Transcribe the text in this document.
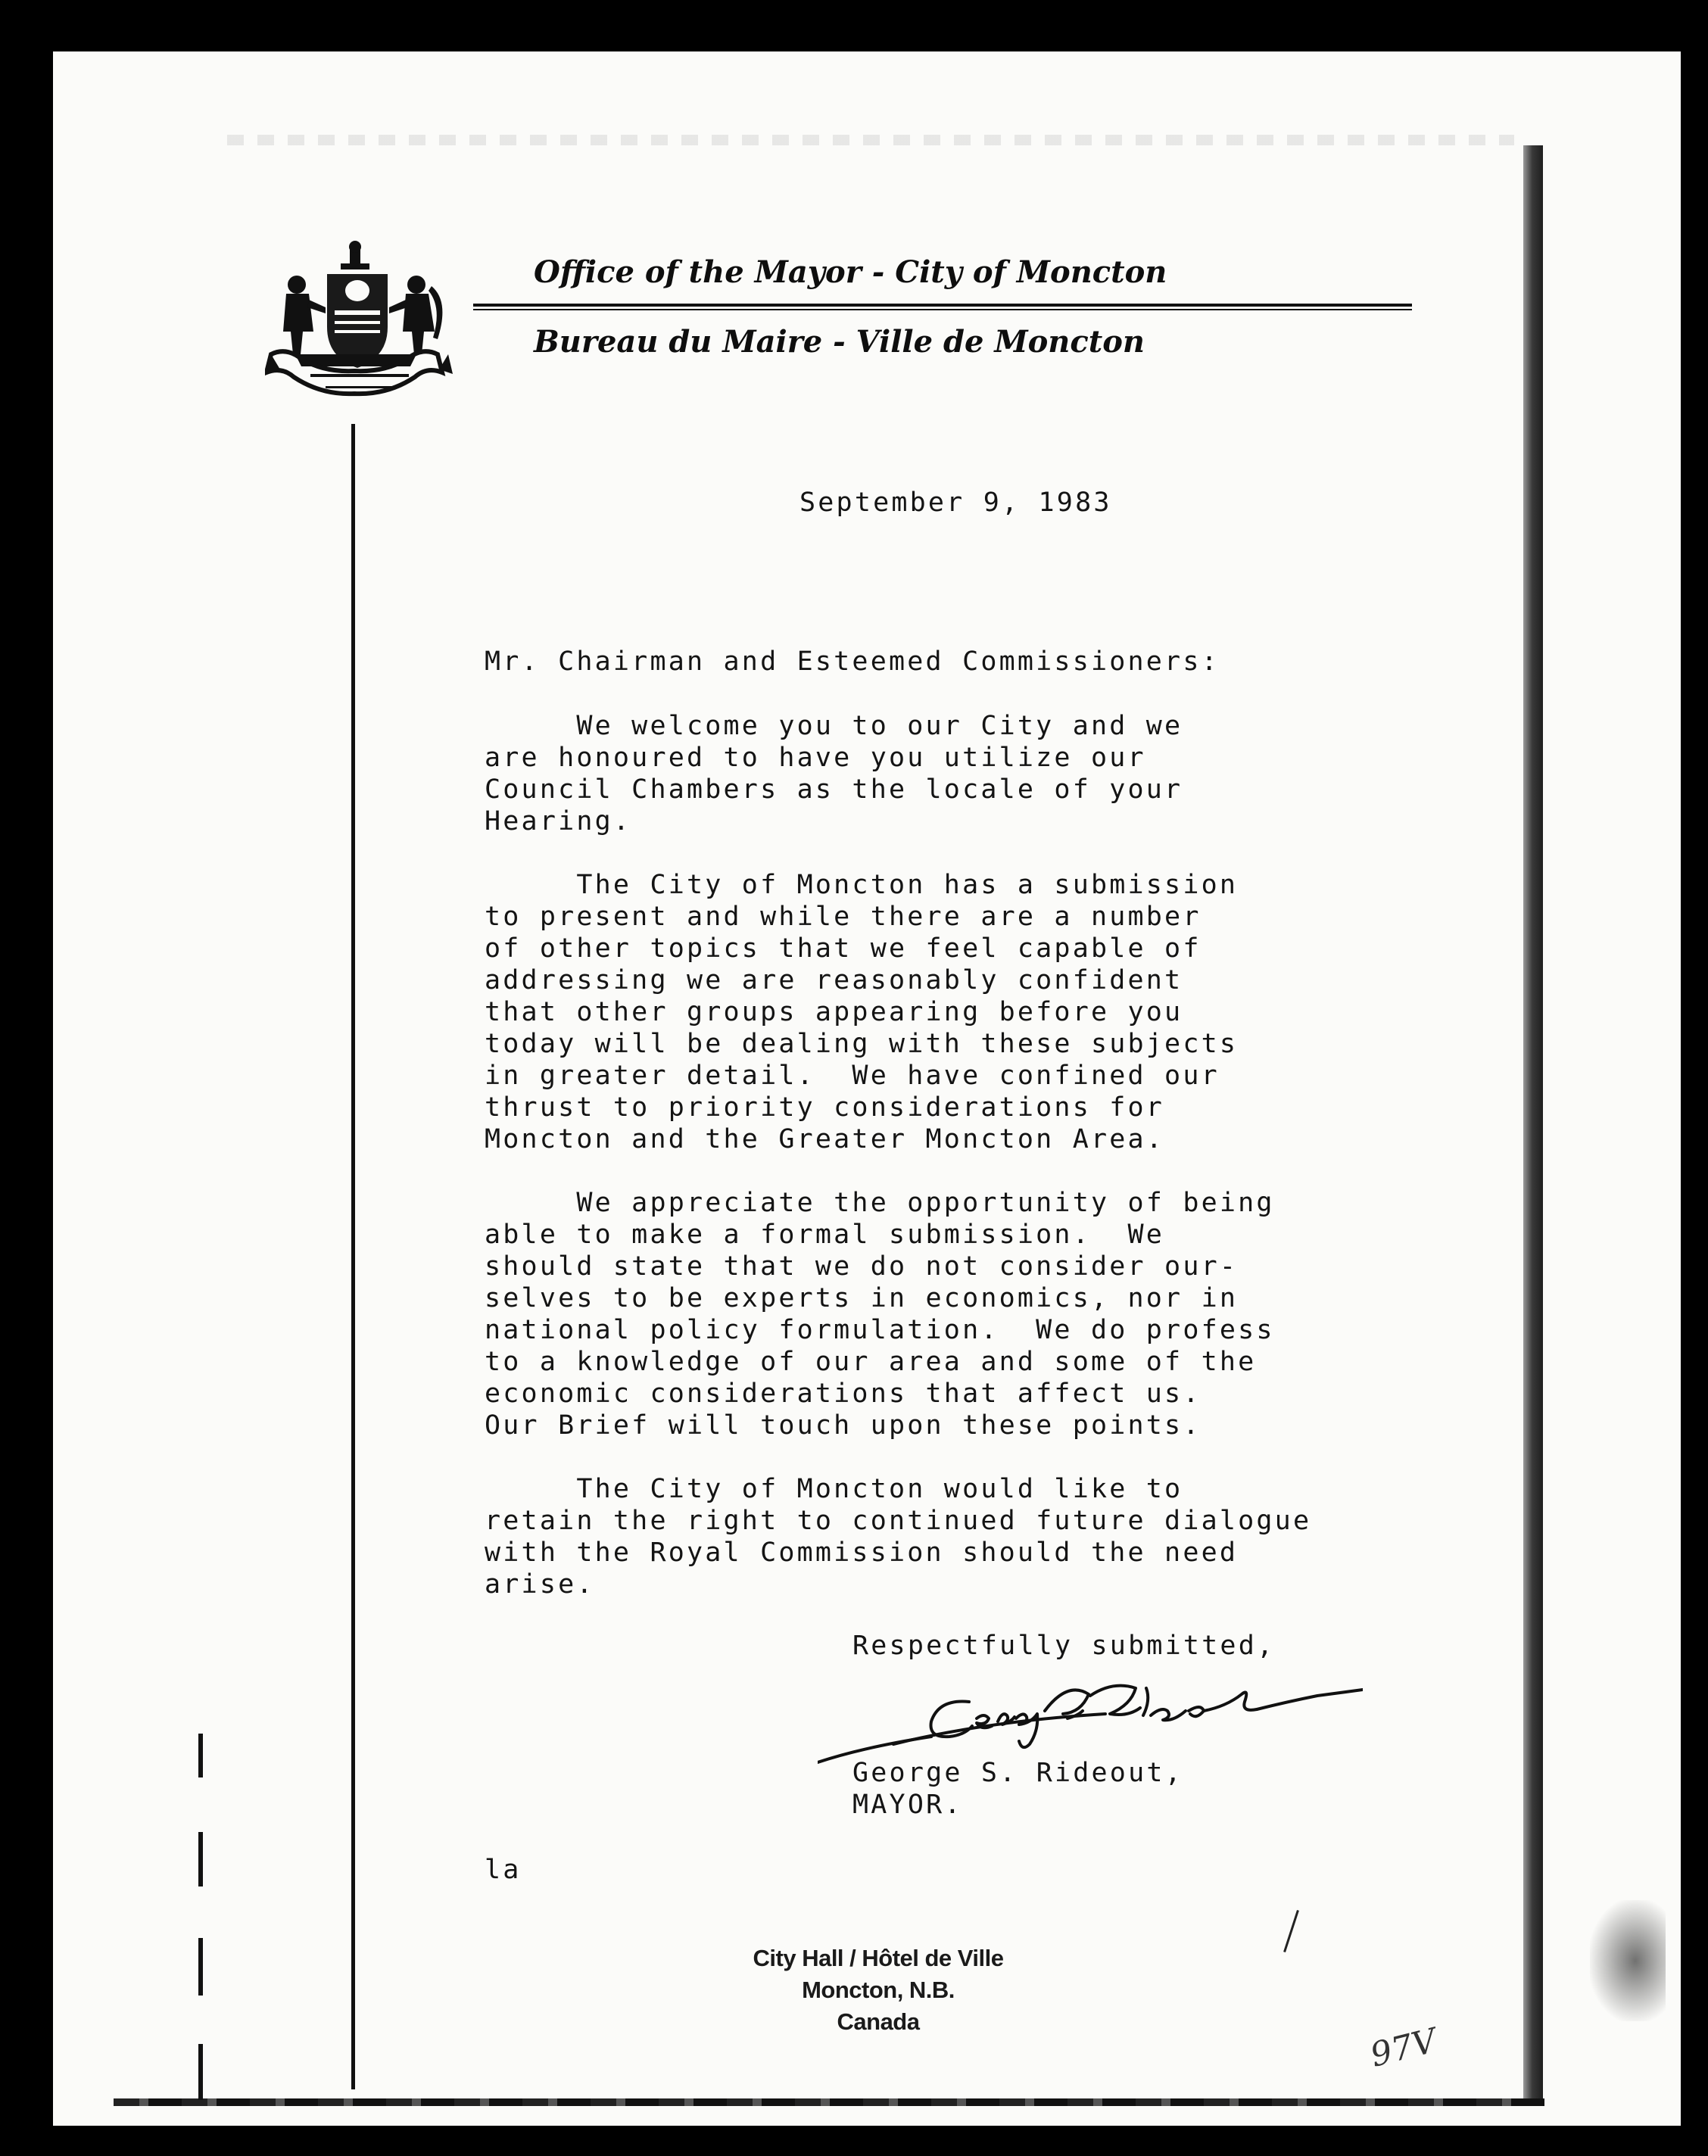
Office of the Mayor - City of Moncton
Bureau du Maire - Ville de Moncton
September 9, 1983
Mr. Chairman and Esteemed Commissioners:
We welcome you to our City and we
are honoured to have you utilize our
Council Chambers as the locale of your
Hearing.
The City of Moncton has a submission
to present and while there are a number
of other topics that we feel capable of
addressing we are reasonably confident
that other groups appearing before you
today will be dealing with these subjects
in greater detail.  We have confined our
thrust to priority considerations for
Moncton and the Greater Moncton Area.
We appreciate the opportunity of being
able to make a formal submission.  We
should state that we do not consider our-
selves to be experts in economics, nor in
national policy formulation.  We do profess
to a knowledge of our area and some of the
economic considerations that affect us.
Our Brief will touch upon these points.
The City of Moncton would like to
retain the right to continued future dialogue
with the Royal Commission should the need
arise.
Respectfully submitted,
George S. Rideout,
MAYOR.
la
City Hall / Hôtel de Ville
Moncton, N.B.
Canada	97V
